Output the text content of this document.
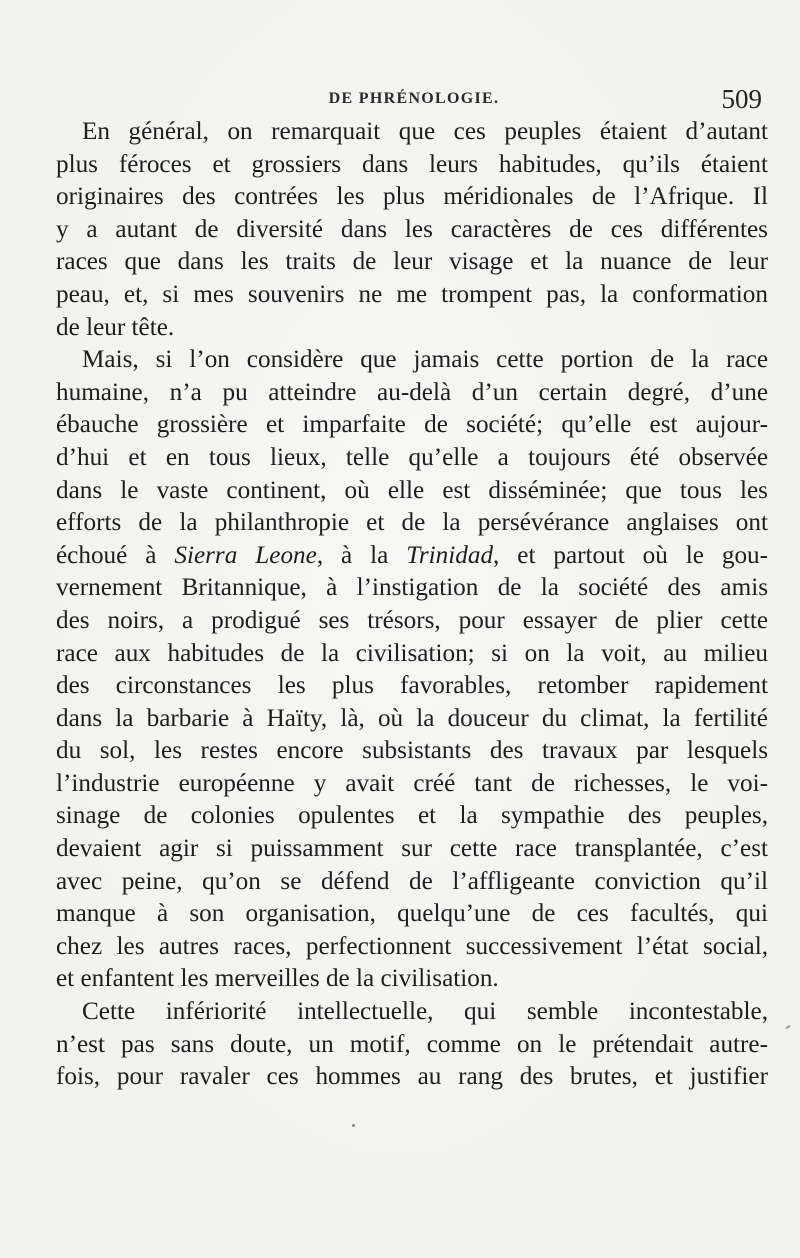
DE PHRÉNOLOGIE.	509
En général, on remarquait que ces peuples étaient d’autant
plus féroces et grossiers dans leurs habitudes, qu’ils étaient
originaires des contrées les plus méridionales de l’Afrique. Il
y a autant de diversité dans les caractères de ces différentes
races que dans les traits de leur visage et la nuance de leur
peau, et, si mes souvenirs ne me trompent pas, la conformation
de leur tête.
Mais, si l’on considère que jamais cette portion de la race
humaine, n’a pu atteindre au-delà d’un certain degré, d’une
ébauche grossière et imparfaite de société; qu’elle est aujour-
d’hui et en tous lieux, telle qu’elle a toujours été observée
dans le vaste continent, où elle est disséminée; que tous les
efforts de la philanthropie et de la persévérance anglaises ont
échoué à Sierra Leone, à la Trinidad, et partout où le gou-
vernement Britannique, à l’instigation de la société des amis
des noirs, a prodigué ses trésors, pour essayer de plier cette
race aux habitudes de la civilisation; si on la voit, au milieu
des circonstances les plus favorables, retomber rapidement
dans la barbarie à Haïty, là, où la douceur du climat, la fertilité
du sol, les restes encore subsistants des travaux par lesquels
l’industrie européenne y avait créé tant de richesses, le voi-
sinage de colonies opulentes et la sympathie des peuples,
devaient agir si puissamment sur cette race transplantée, c’est
avec peine, qu’on se défend de l’affligeante conviction qu’il
manque à son organisation, quelqu’une de ces facultés, qui
chez les autres races, perfectionnent successivement l’état social,
et enfantent les merveilles de la civilisation.
Cette infériorité intellectuelle, qui semble incontestable,
n’est pas sans doute, un motif, comme on le prétendait autre-
fois, pour ravaler ces hommes au rang des brutes, et justifier
